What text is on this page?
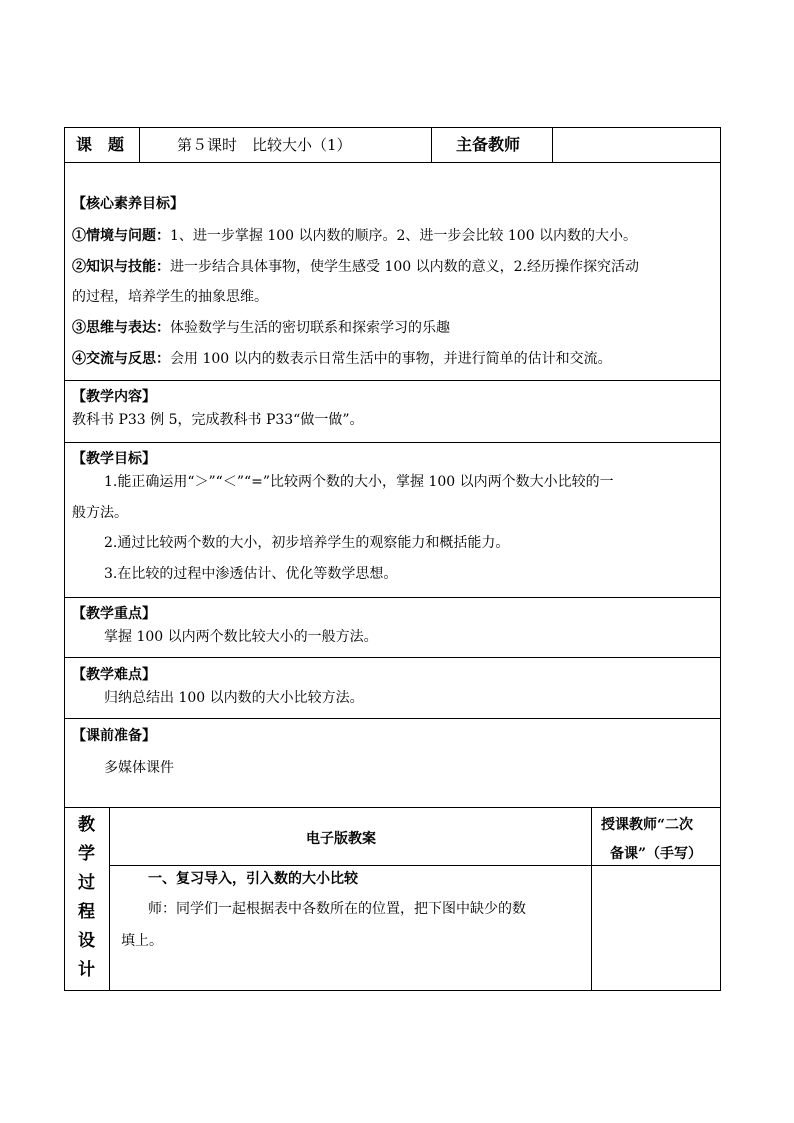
课　题	第５课时　比较大小（1）	主备教师
【核心素养目标】
①情境与问题：1、进一步掌握 100 以内数的顺序。2、进一步会比较 100 以内数的大小。
②知识与技能：进一步结合具体事物，使学生感受 100 以内数的意义，2.经历操作探究活动
的过程，培养学生的抽象思维。
③思维与表达：体验数学与生活的密切联系和探索学习的乐趣
④交流与反思：会用 100 以内的数表示日常生活中的事物，并进行简单的估计和交流。
【教学内容】
教科书 P33 例 5，完成教科书 P33“做一做”。
【教学目标】
1.能正确运用“＞”“＜”“=”比较两个数的大小，掌握 100 以内两个数大小比较的一
般方法。
2.通过比较两个数的大小，初步培养学生的观察能力和概括能力。
3.在比较的过程中渗透估计、优化等数学思想。
【教学重点】
掌握 100 以内两个数比较大小的一般方法。
【教学难点】
归纳总结出 100 以内数的大小比较方法。
【课前准备】
多媒体课件
教
学
过
程
设
计
电子版教案
授课教师“二次
备课”（手写）
一、复习导入，引入数的大小比较
师：同学们一起根据表中各数所在的位置，把下图中缺少的数
填上。
